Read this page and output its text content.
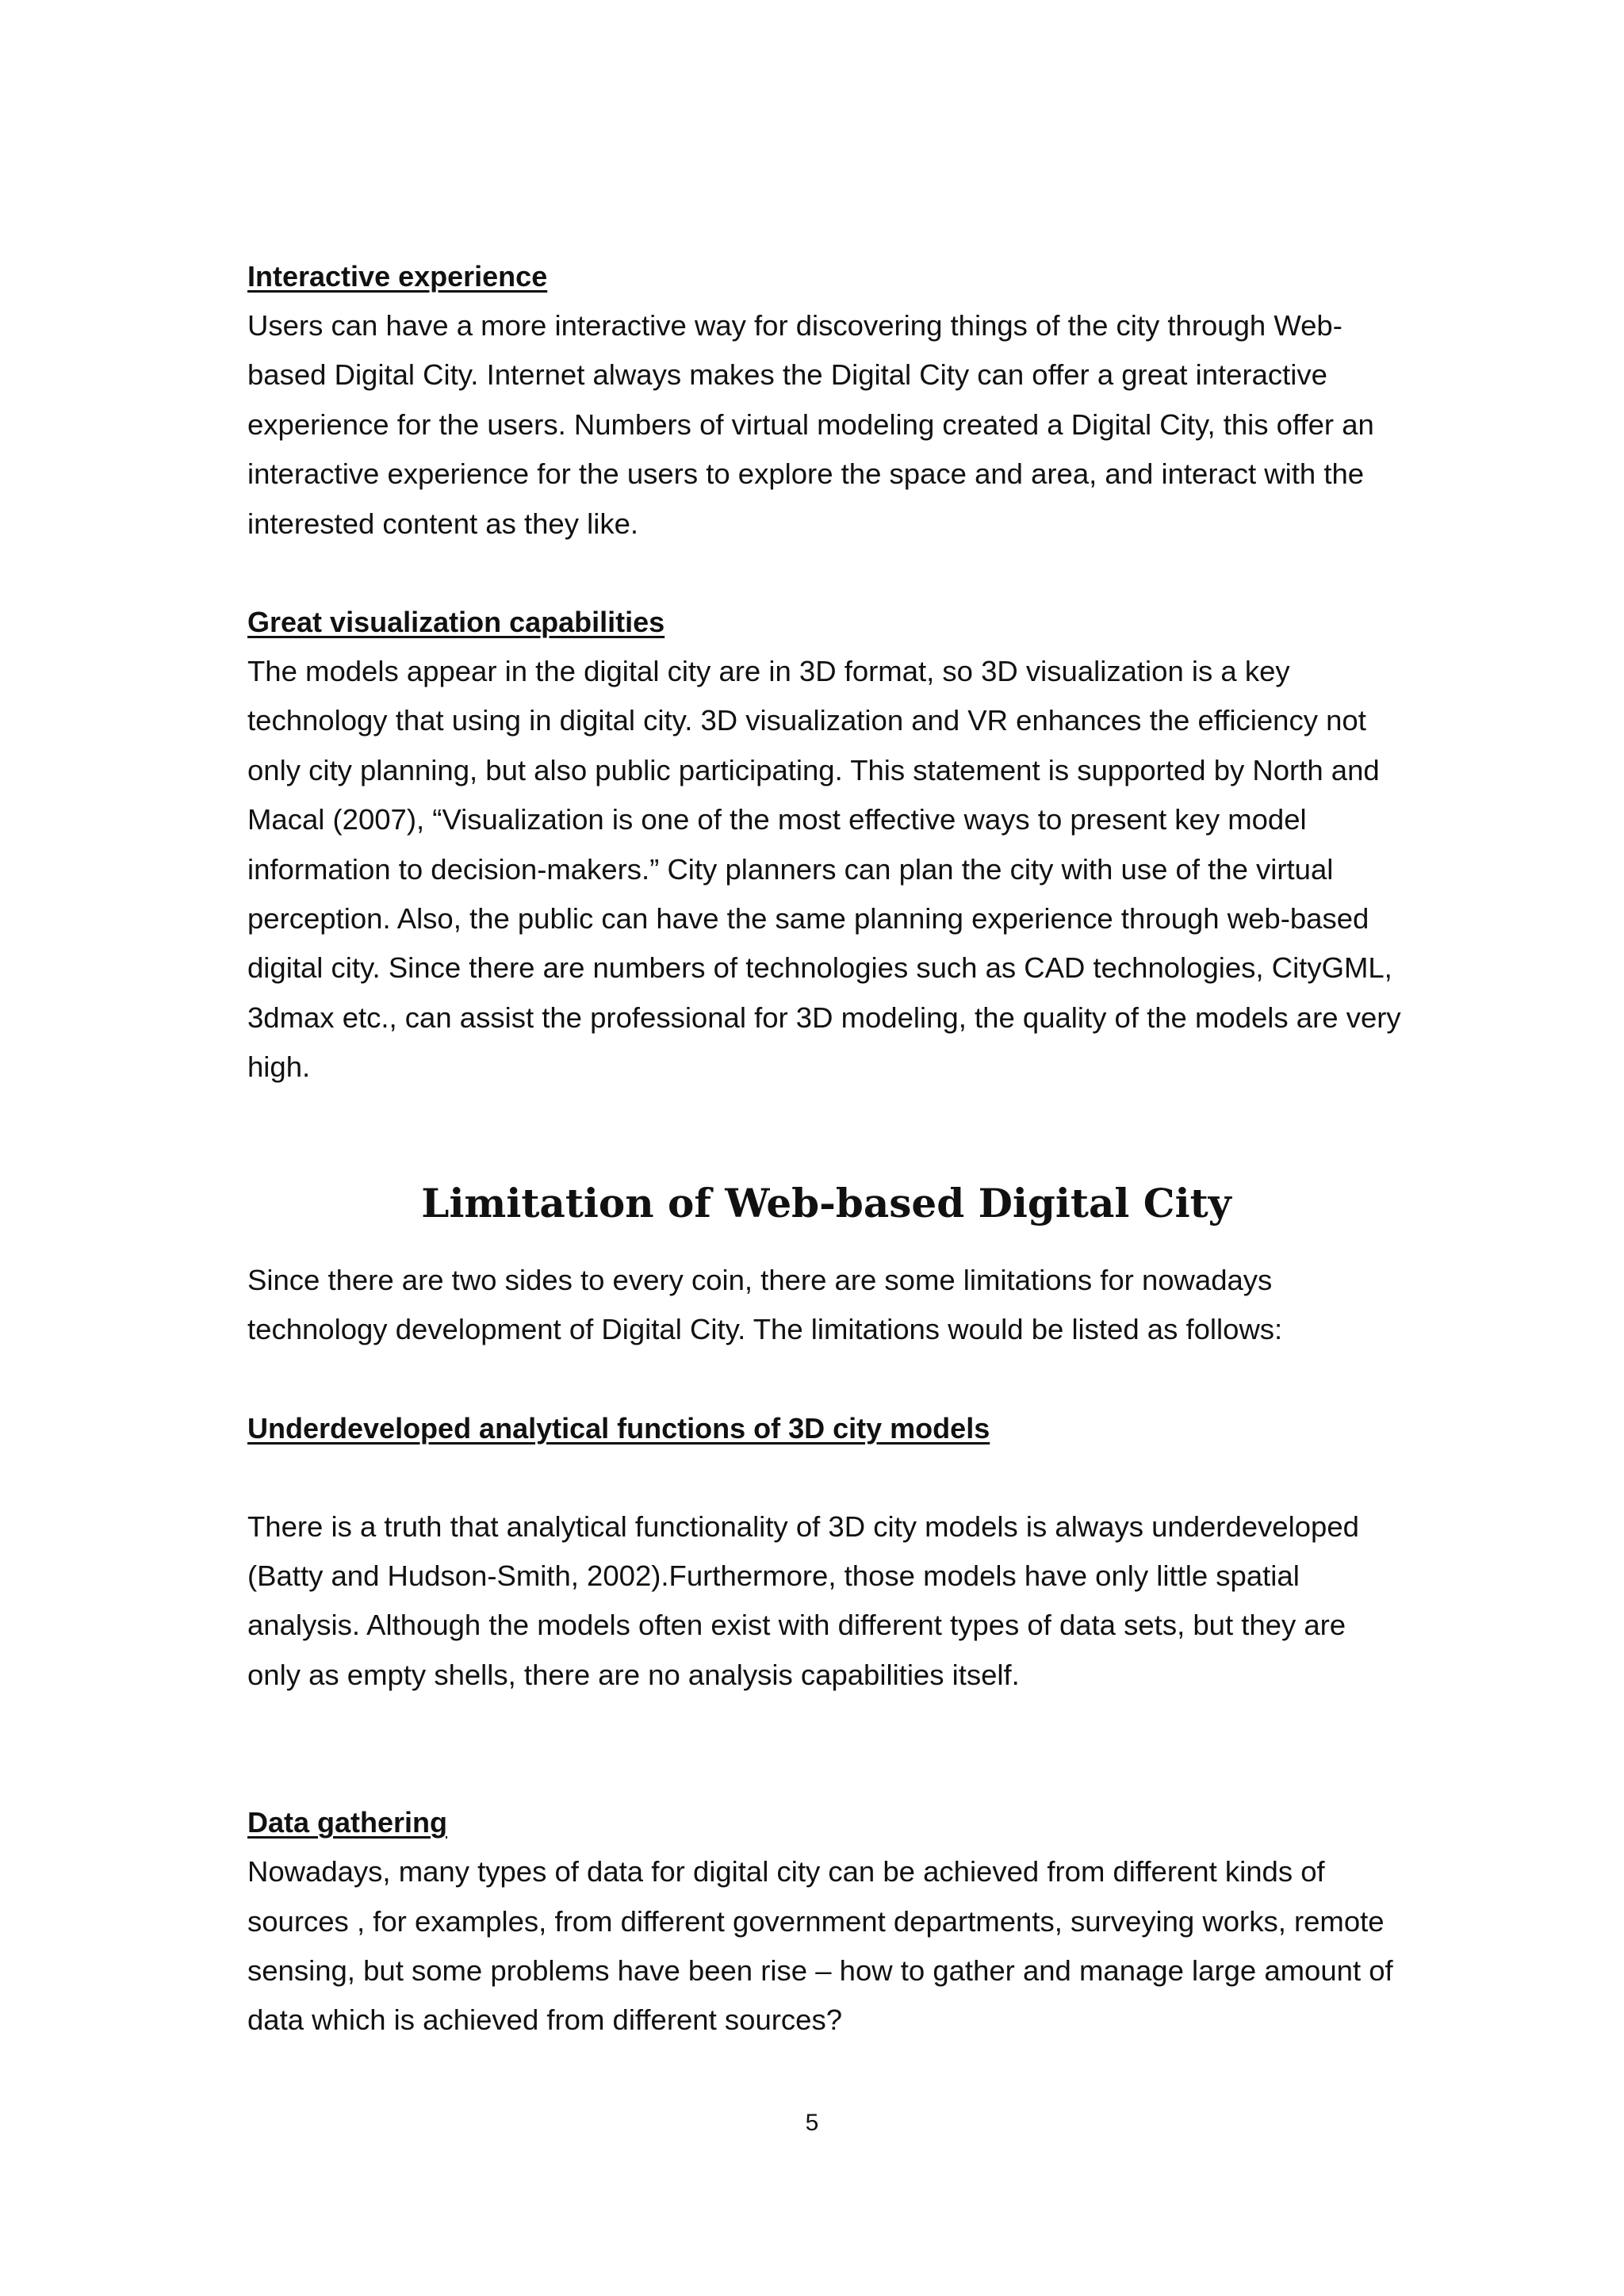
Interactive experience

Users can have a more interactive way for discovering things of the city through Web-based Digital City. Internet always makes the Digital City can offer a great interactive experience for the users. Numbers of virtual modeling created a Digital City, this offer an interactive experience for the users to explore the space and area, and interact with the interested content as they like.

Great visualization capabilities

The models appear in the digital city are in 3D format, so 3D visualization is a key technology that using in digital city. 3D visualization and VR enhances the efficiency not only city planning, but also public participating. This statement is supported by North and Macal (2007), “Visualization is one of the most effective ways to present key model information to decision-makers.” City planners can plan the city with use of the virtual perception. Also, the public can have the same planning experience through web-based digital city. Since there are numbers of technologies such as CAD technologies, CityGML, 3dmax etc., can assist the professional for 3D modeling, the quality of the models are very high.

Limitation of Web-based Digital City

Since there are two sides to every coin, there are some limitations for nowadays technology development of Digital City. The limitations would be listed as follows:

Underdeveloped analytical functions of 3D city models

There is a truth that analytical functionality of 3D city models is always underdeveloped (Batty and Hudson-Smith, 2002).Furthermore, those models have only little spatial analysis. Although the models often exist with different types of data sets, but they are only as empty shells, there are no analysis capabilities itself.

Data gathering

Nowadays, many types of data for digital city can be achieved from different kinds of sources , for examples, from different government departments, surveying works, remote sensing, but some problems have been rise – how to gather and manage large amount of data which is achieved from different sources?

5
